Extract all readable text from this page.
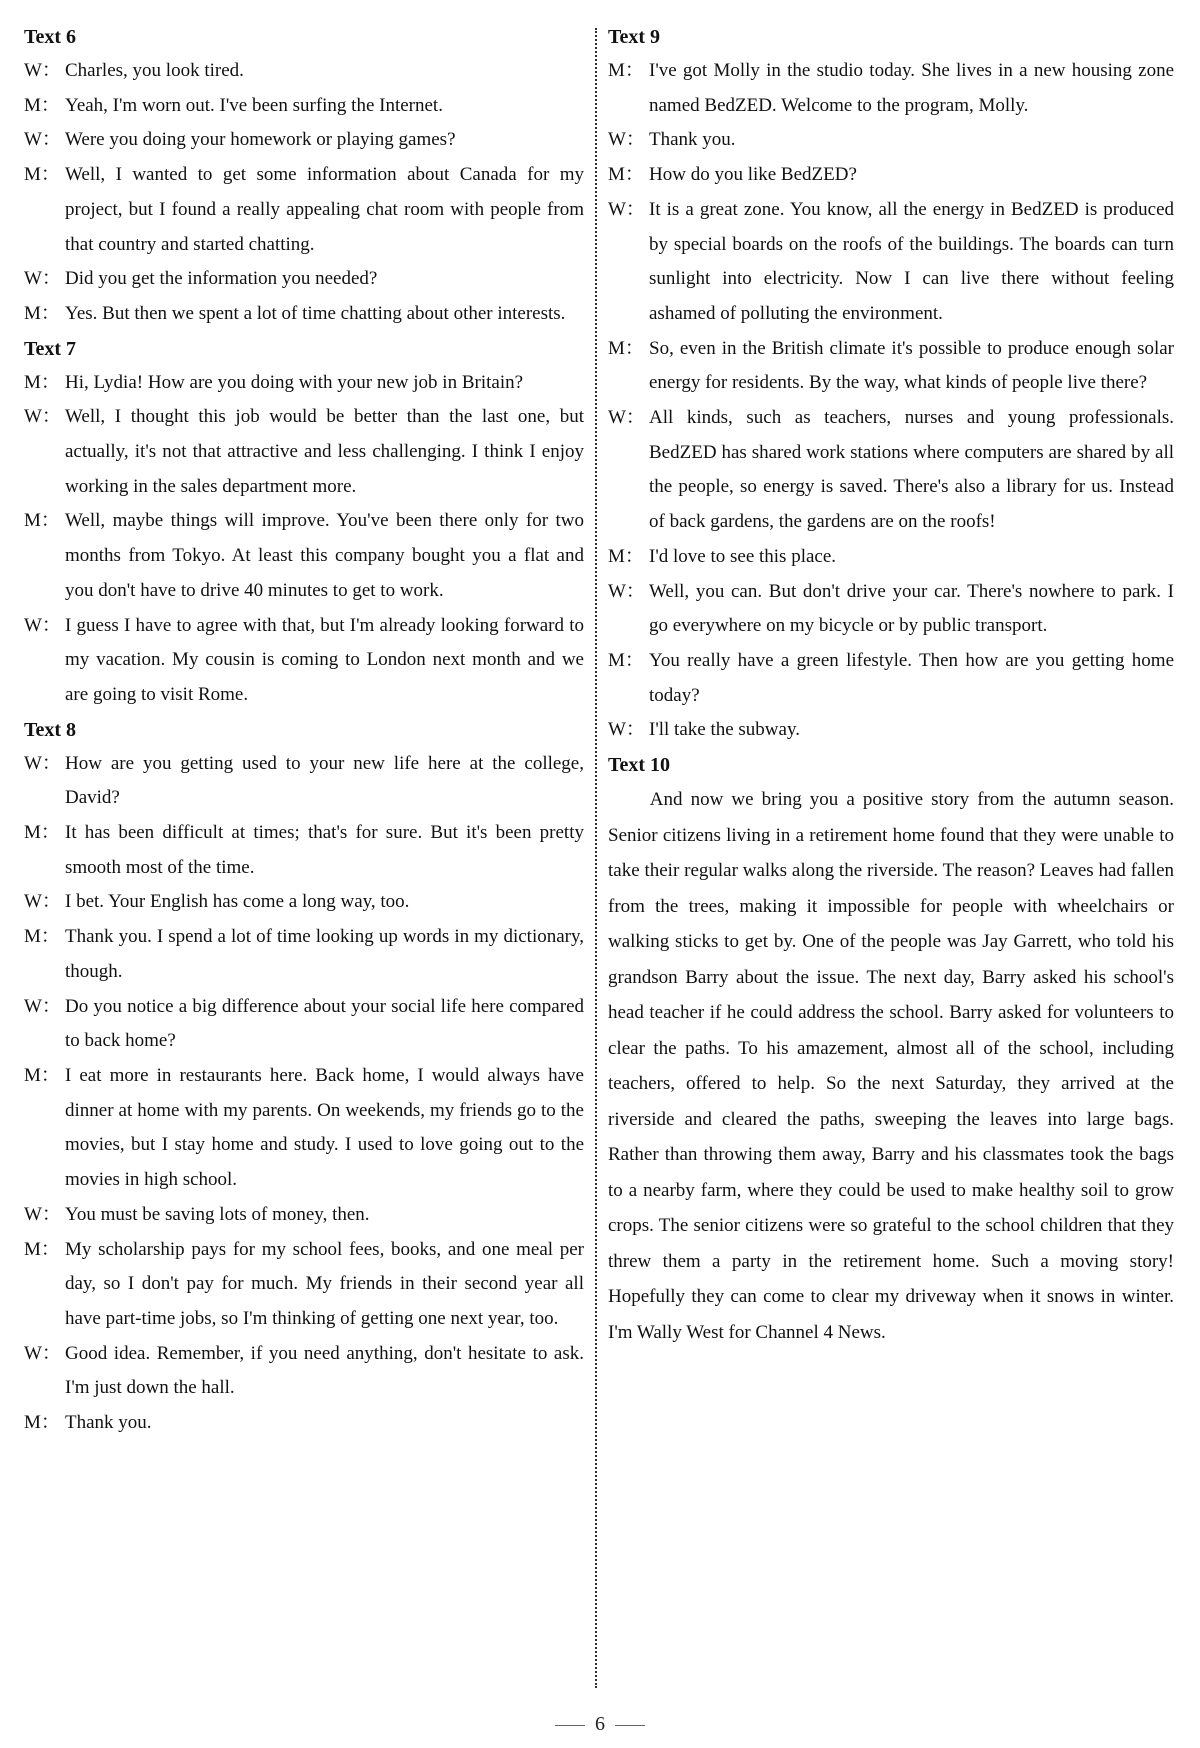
Text 6

W： Charles, you look tired.

M： Yeah, I'm worn out. I've been surfing the Internet.

W： Were you doing your homework or playing games?

M： Well, I wanted to get some information about Canada for my project, but I found a really appealing chat room with people from that country and started chatting.

W： Did you get the information you needed?

M： Yes. But then we spent a lot of time chatting about other interests.

Text 7

M： Hi, Lydia! How are you doing with your new job in Britain?

W： Well, I thought this job would be better than the last one, but actually, it's not that attractive and less challenging. I think I enjoy working in the sales department more.

M： Well, maybe things will improve. You've been there only for two months from Tokyo. At least this company bought you a flat and you don't have to drive 40 minutes to get to work.

W： I guess I have to agree with that, but I'm already looking forward to my vacation. My cousin is coming to London next month and we are going to visit Rome.

Text 8

W： How are you getting used to your new life here at the college, David?

M： It has been difficult at times; that's for sure. But it's been pretty smooth most of the time.

W： I bet. Your English has come a long way, too.

M： Thank you. I spend a lot of time looking up words in my dictionary, though.

W： Do you notice a big difference about your social life here compared to back home?

M： I eat more in restaurants here. Back home, I would always have dinner at home with my parents. On weekends, my friends go to the movies, but I stay home and study. I used to love going out to the movies in high school.

W： You must be saving lots of money, then.

M： My scholarship pays for my school fees, books, and one meal per day, so I don't pay for much. My friends in their second year all have part-time jobs, so I'm thinking of getting one next year, too.

W： Good idea. Remember, if you need anything, don't hesitate to ask. I'm just down the hall.

M： Thank you.

Text 9

M： I've got Molly in the studio today. She lives in a new housing zone named BedZED. Welcome to the program, Molly.

W： Thank you.

M： How do you like BedZED?

W： It is a great zone. You know, all the energy in BedZED is produced by special boards on the roofs of the buildings. The boards can turn sunlight into electricity. Now I can live there without feeling ashamed of polluting the environment.

M： So, even in the British climate it's possible to produce enough solar energy for residents. By the way, what kinds of people live there?

W： All kinds, such as teachers, nurses and young professionals. BedZED has shared work stations where computers are shared by all the people, so energy is saved. There's also a library for us. Instead of back gardens, the gardens are on the roofs!

M： I'd love to see this place.

W： Well, you can. But don't drive your car. There's nowhere to park. I go everywhere on my bicycle or by public transport.

M： You really have a green lifestyle. Then how are you getting home today?

W： I'll take the subway.

Text 10

And now we bring you a positive story from the autumn season. Senior citizens living in a retirement home found that they were unable to take their regular walks along the riverside. The reason? Leaves had fallen from the trees, making it impossible for people with wheelchairs or walking sticks to get by. One of the people was Jay Garrett, who told his grandson Barry about the issue. The next day, Barry asked his school's head teacher if he could address the school. Barry asked for volunteers to clear the paths. To his amazement, almost all of the school, including teachers, offered to help. So the next Saturday, they arrived at the riverside and cleared the paths, sweeping the leaves into large bags. Rather than throwing them away, Barry and his classmates took the bags to a nearby farm, where they could be used to make healthy soil to grow crops. The senior citizens were so grateful to the school children that they threw them a party in the retirement home. Such a moving story! Hopefully they can come to clear my driveway when it snows in winter. I'm Wally West for Channel 4 News.

6
